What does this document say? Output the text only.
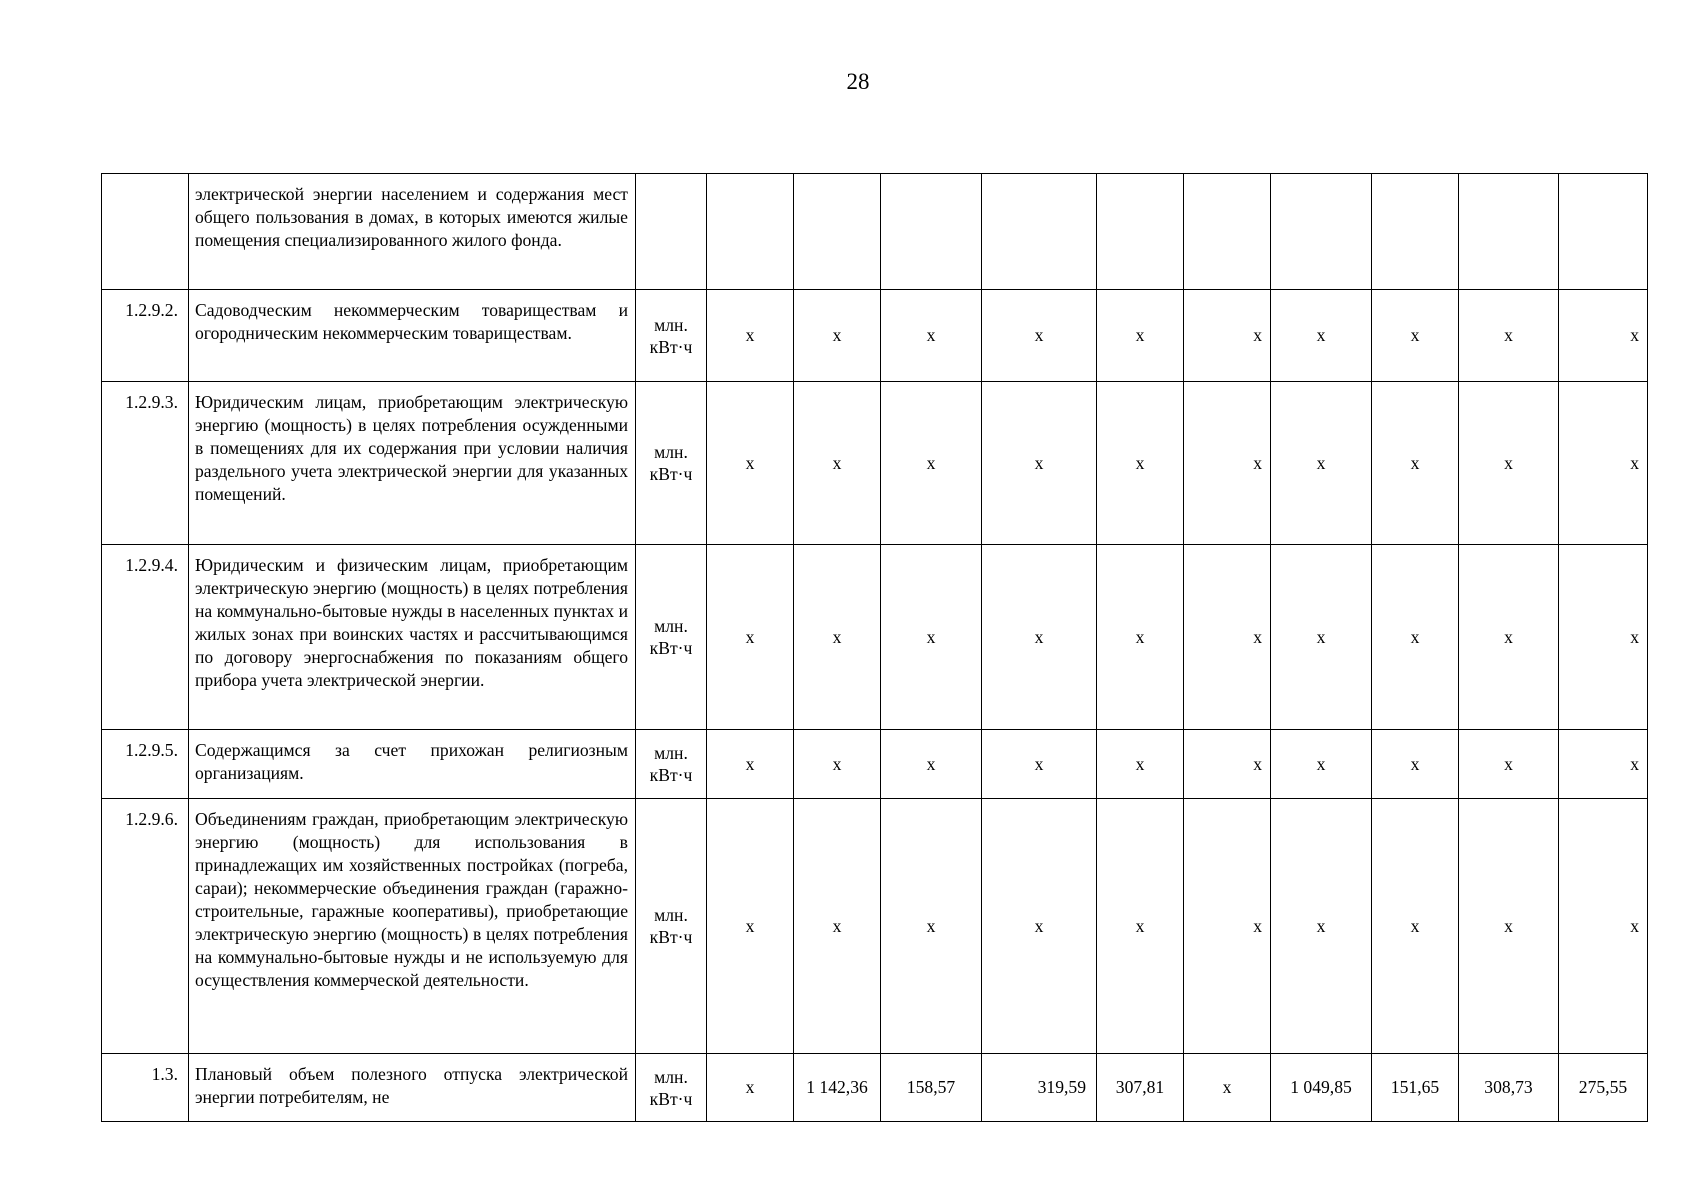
28
	электрической энергии населением и содержания мест общего пользования в домах, в которых имеются жилые помещения специализированного жилого фонда.											
1.2.9.2.	Садоводческим некоммерческим товариществам и огородническим некоммерческим товариществам.	млн. кВт·ч	x	x	x	x	x	x	x	x	x	x
1.2.9.3.	Юридическим лицам, приобретающим электрическую энергию (мощность) в целях потребления осужденными в помещениях для их содержания при условии наличия раздельного учета электрической энергии для указанных помещений.	млн. кВт·ч	x	x	x	x	x	x	x	x	x	x
1.2.9.4.	Юридическим и физическим лицам, приобретающим электрическую энергию (мощность) в целях потребления на коммунально-бытовые нужды в населенных пунктах и жилых зонах при воинских частях и рассчитывающимся по договору энергоснабжения по показаниям общего прибора учета электрической энергии.	млн. кВт·ч	x	x	x	x	x	x	x	x	x	x
1.2.9.5.	Содержащимся за счет прихожан религиозным организациям.	млн. кВт·ч	x	x	x	x	x	x	x	x	x	x
1.2.9.6.	Объединениям граждан, приобретающим электрическую энергию (мощность) для использования в принадлежащих им хозяйственных постройках (погреба, сараи); некоммерческие объединения граждан (гаражно-строительные, гаражные кооперативы), приобретающие электрическую энергию (мощность) в целях потребления на коммунально-бытовые нужды и не используемую для осуществления коммерческой деятельности.	млн. кВт·ч	x	x	x	x	x	x	x	x	x	x
1.3.	Плановый объем полезного отпуска электрической энергии потребителям, не	млн. кВт·ч	x	1 142,36	158,57	319,59	307,81	x	1 049,85	151,65	308,73	275,55
